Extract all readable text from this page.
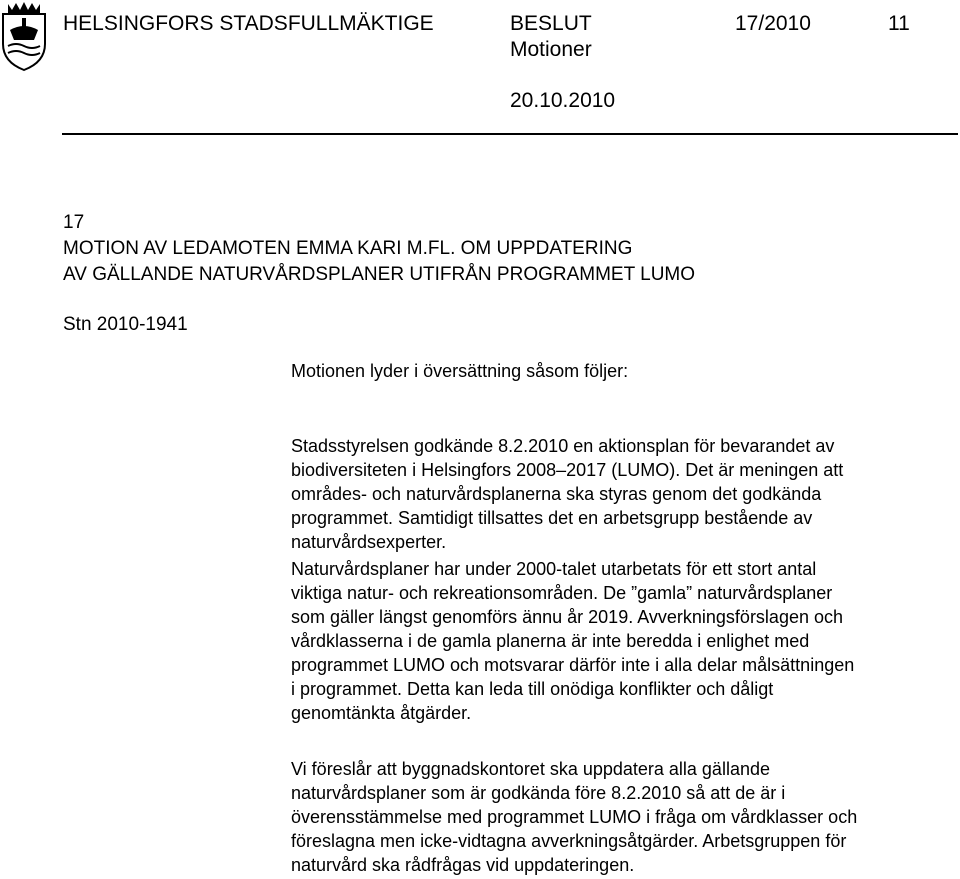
HELSINGFORS STADSFULLMÄKTIGE	BESLUT	17/2010	11
Motioner
20.10.2010
17
MOTION AV LEDAMOTEN EMMA KARI M.FL. OM UPPDATERING
AV GÄLLANDE NATURVÅRDSPLANER UTIFRÅN PROGRAMMET LUMO
Stn 2010-1941
Motionen lyder i översättning såsom följer:
Stadsstyrelsen godkände 8.2.2010 en aktionsplan för bevarandet av
biodiversiteten i Helsingfors 2008–2017 (LUMO). Det är meningen att
områdes- och naturvårdsplanerna ska styras genom det godkända
programmet. Samtidigt tillsattes det en arbetsgrupp bestående av
naturvårdsexperter.
Naturvårdsplaner har under 2000-talet utarbetats för ett stort antal
viktiga natur- och rekreationsområden. De ”gamla” naturvårdsplaner
som gäller längst genomförs ännu år 2019. Avverkningsförslagen och
vårdklasserna i de gamla planerna är inte beredda i enlighet med
programmet LUMO och motsvarar därför inte i alla delar målsättningen
i programmet. Detta kan leda till onödiga konflikter och dåligt
genomtänkta åtgärder.
Vi föreslår att byggnadskontoret ska uppdatera alla gällande
naturvårdsplaner som är godkända före 8.2.2010 så att de är i
överensstämmelse med programmet LUMO i fråga om vårdklasser och
föreslagna men icke-vidtagna avverkningsåtgärder. Arbetsgruppen för
naturvård ska rådfrågas vid uppdateringen.
